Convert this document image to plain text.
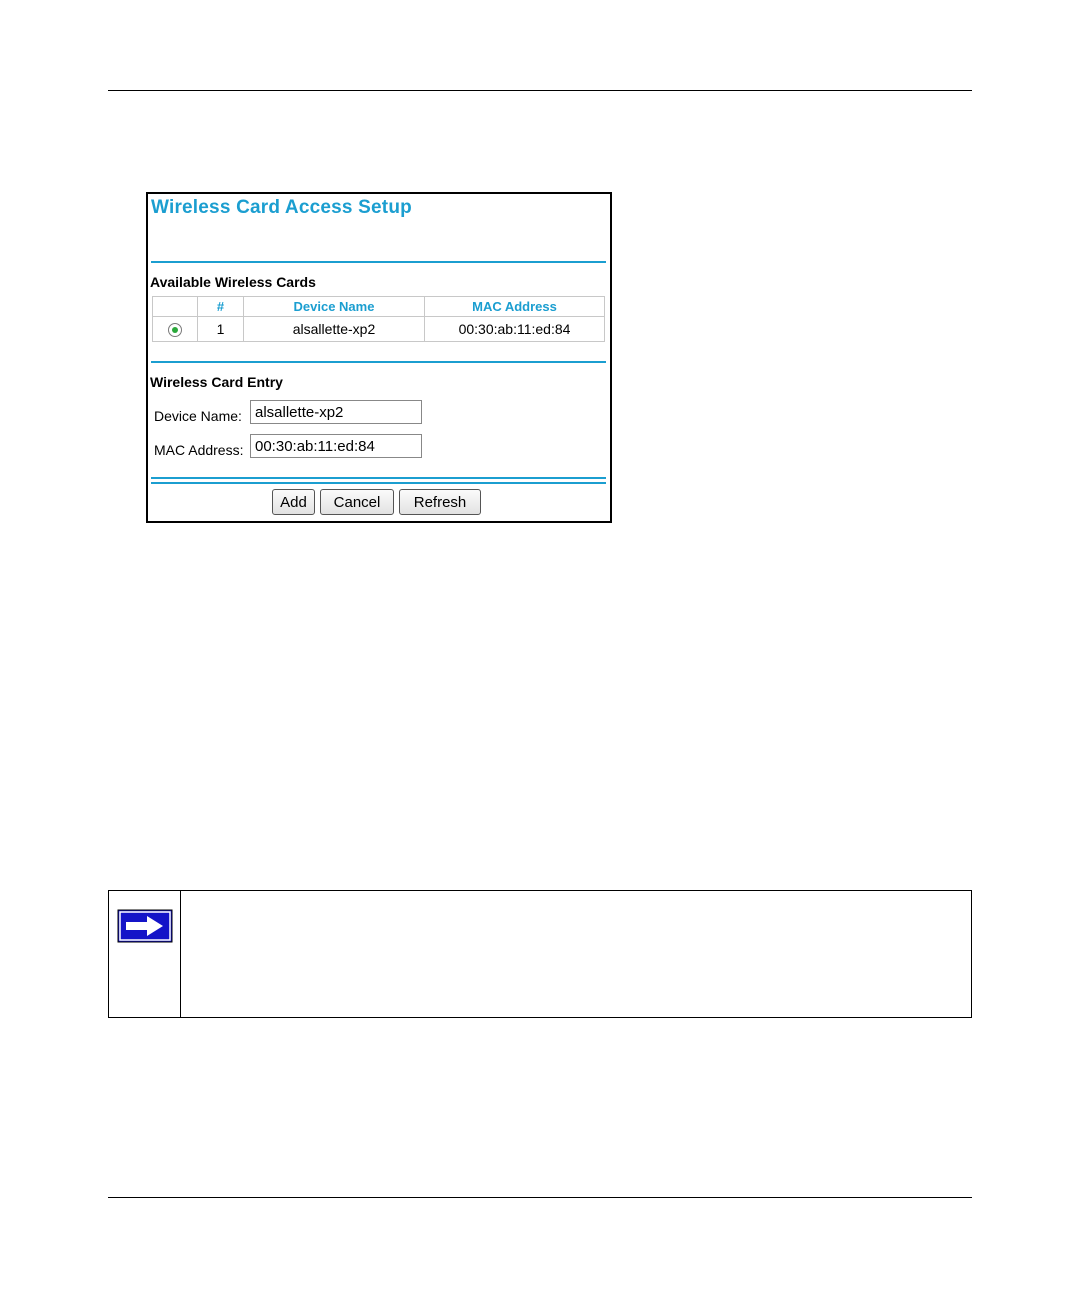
Wireless Card Access Setup
Available Wireless Cards
	#	Device Name	MAC Address
	1	alsallette-xp2	00:30:ab:11:ed:84
Wireless Card Entry
Device Name:
alsallette-xp2
MAC Address:
00:30:ab:11:ed:84
Add	Cancel	Refresh
